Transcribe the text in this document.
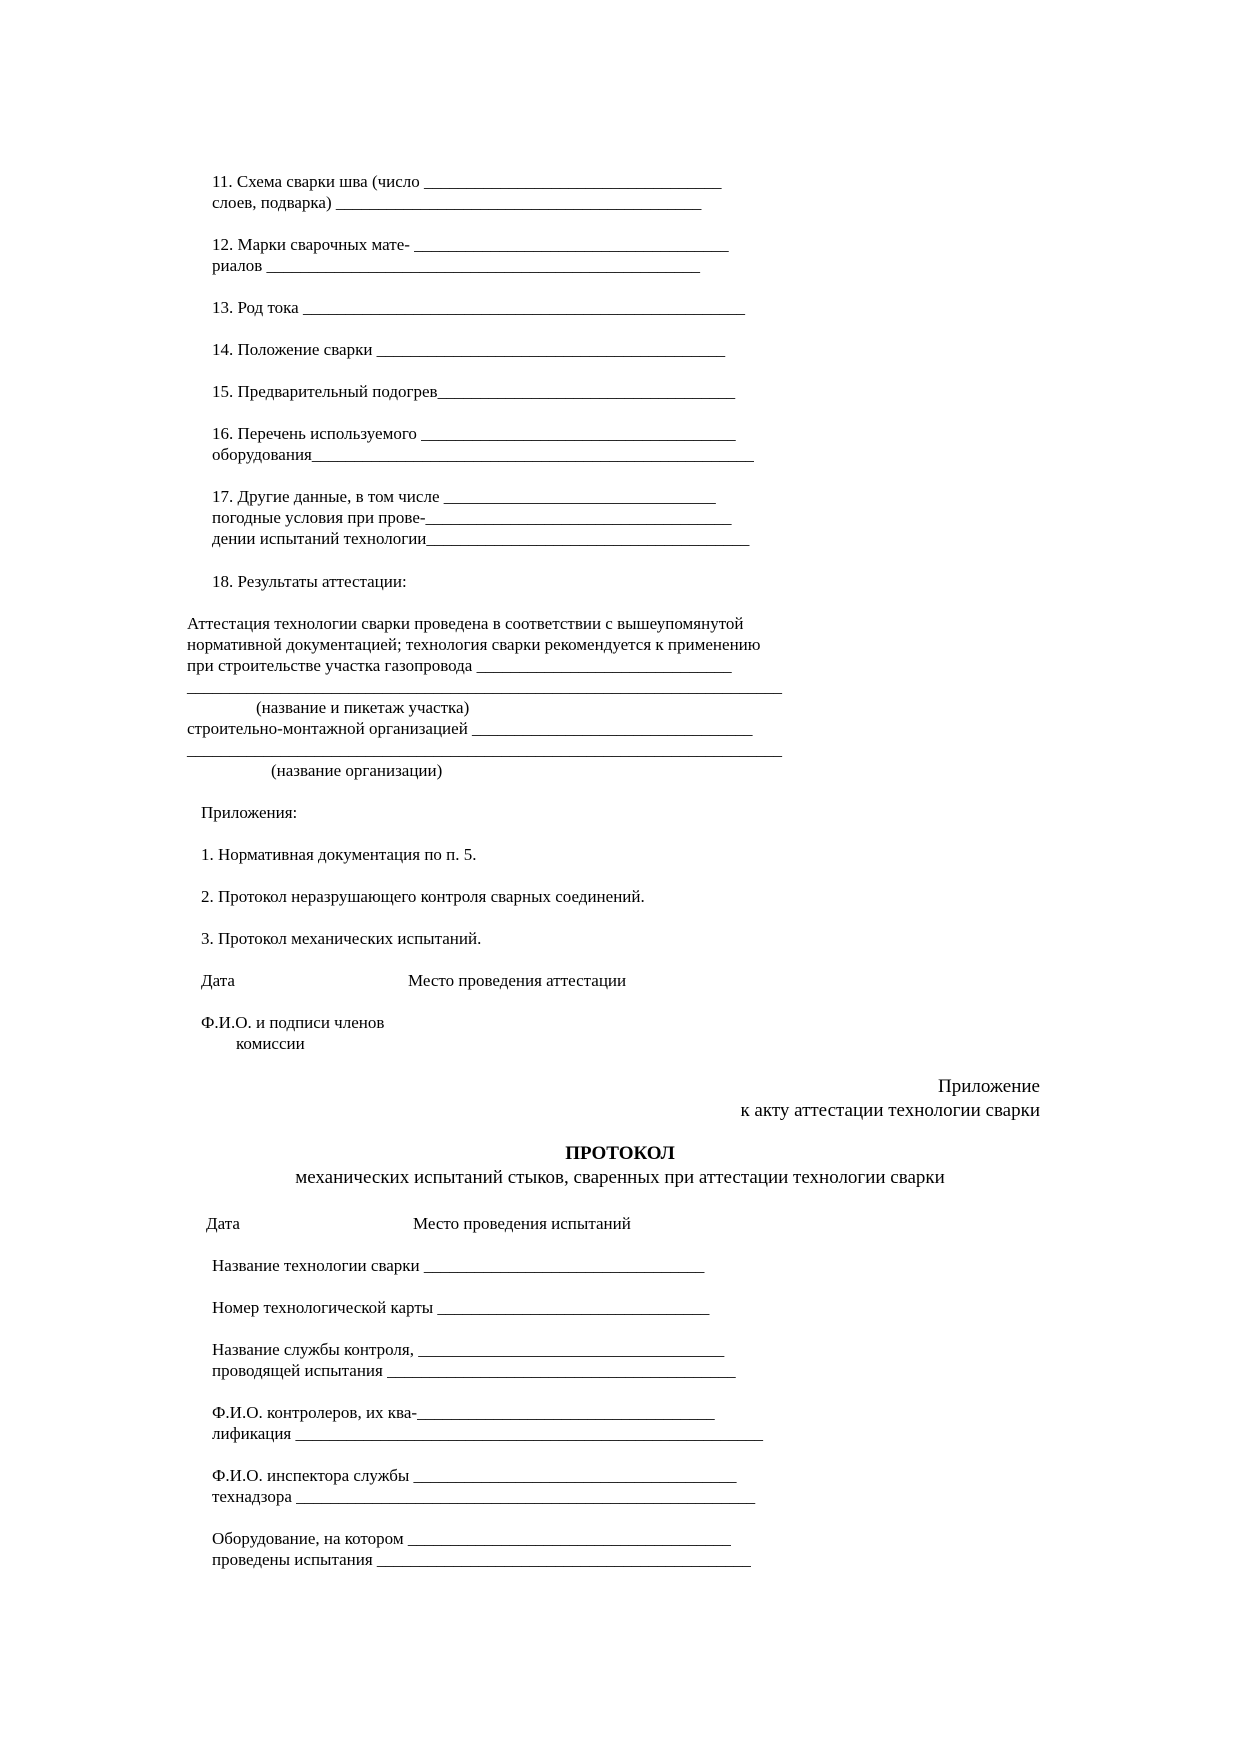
11. Схема сварки шва (число ___________________________________
слоев, подварка) ___________________________________________
12. Марки сварочных мате- _____________________________________
риалов ___________________________________________________
13. Род тока ____________________________________________________
14. Положение сварки _________________________________________
15. Предварительный подогрев___________________________________
16. Перечень используемого _____________________________________
оборудования____________________________________________________
17. Другие данные, в том числе ________________________________
погодные условия при прове-____________________________________
дении испытаний технологии______________________________________
18. Результаты аттестации:
Аттестация технологии сварки проведена в соответствии с вышеупомянутой
нормативной документацией; технология сварки рекомендуется к применению
при строительстве участка газопровода ______________________________
______________________________________________________________________
(название и пикетаж участка)
строительно-монтажной организацией _________________________________
______________________________________________________________________
(название организации)
Приложения:
1. Нормативная документация по п. 5.
2. Протокол неразрушающего контроля сварных соединений.
3. Протокол механических испытаний.
Дата	Место проведения аттестации
Ф.И.О. и подписи членов
комиссии
Приложение
к акту аттестации технологии сварки
ПРОТОКОЛ
механических испытаний стыков, сваренных при аттестации технологии сварки
Дата	Место проведения испытаний
Название технологии сварки _________________________________
Номер технологической карты ________________________________
Название службы контроля, ____________________________________
проводящей испытания _________________________________________
Ф.И.О. контролеров, их ква-___________________________________
лификация _______________________________________________________
Ф.И.О. инспектора службы ______________________________________
технадзора ______________________________________________________
Оборудование, на котором ______________________________________
проведены испытания ____________________________________________
